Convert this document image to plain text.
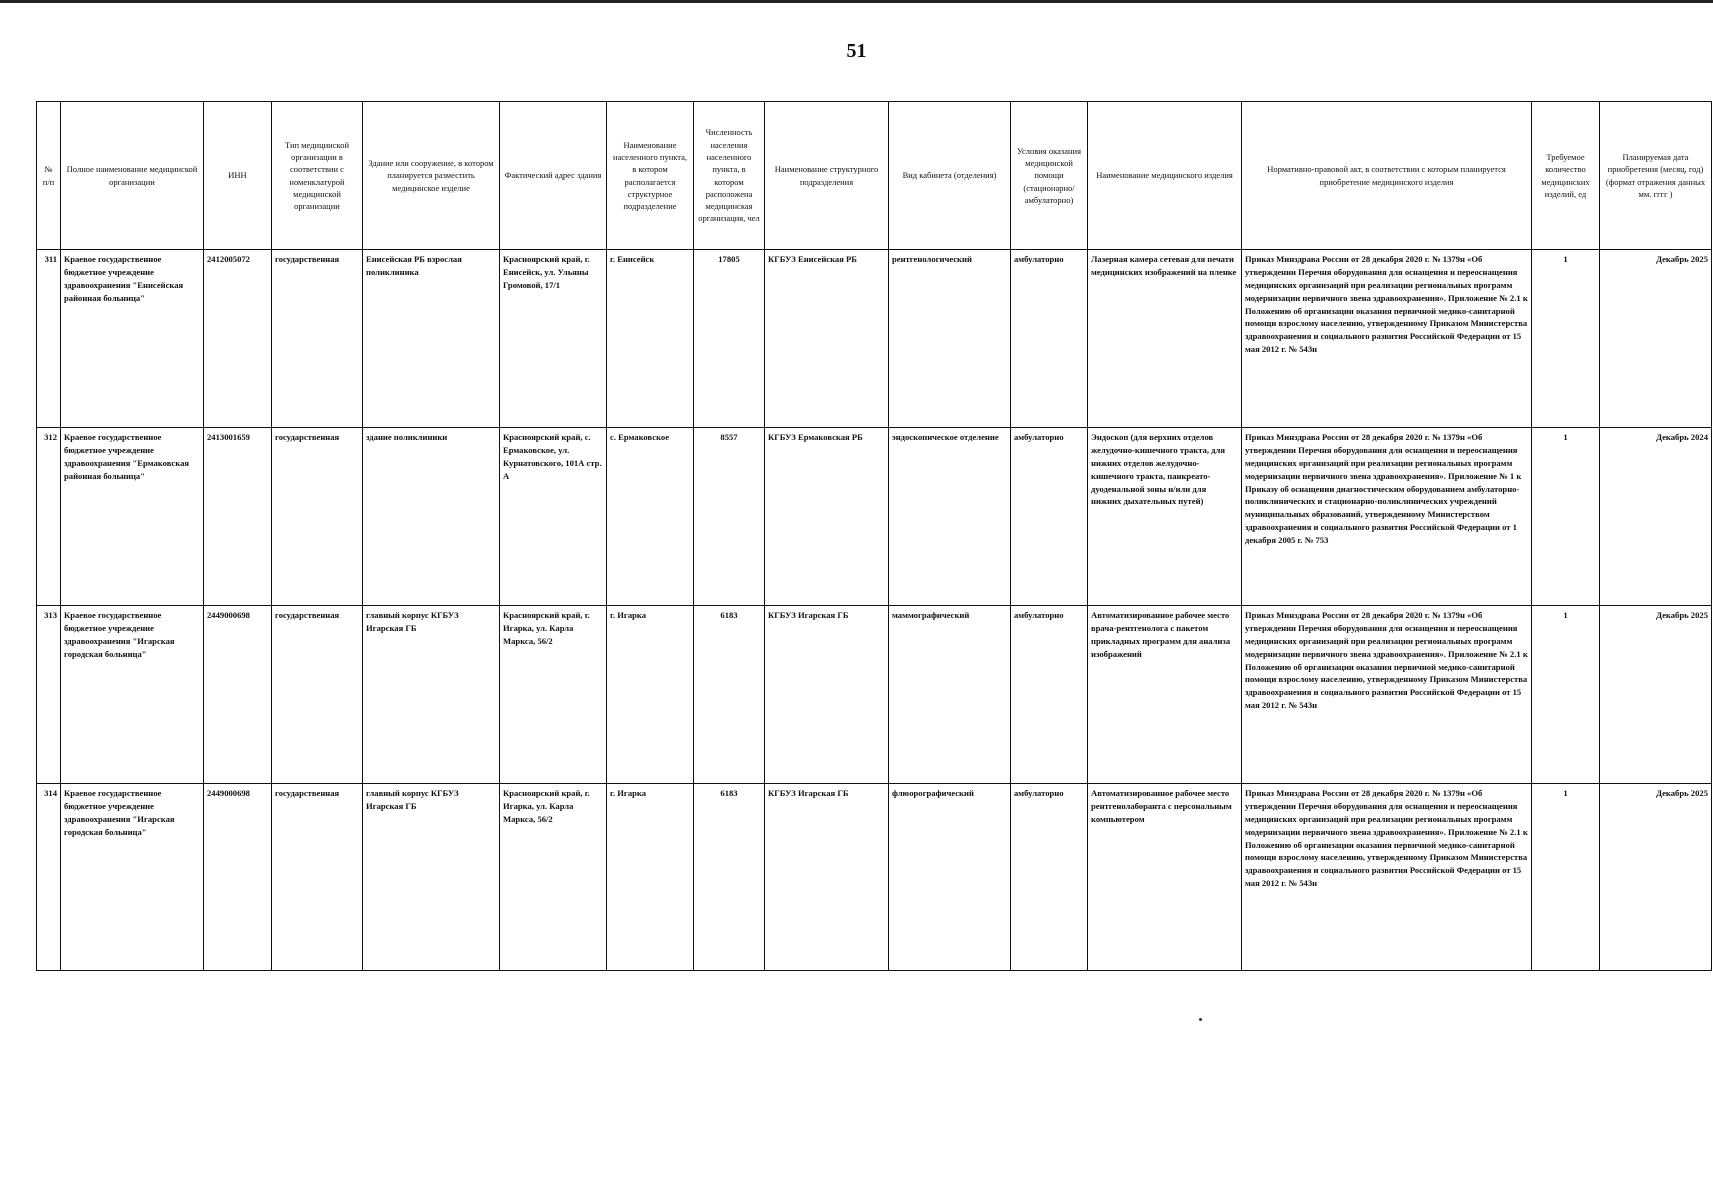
51
№ п/п	Полное наименование медицинской организации	ИНН	Тип медицинской организации в соответствии с номенклатурой медицинской организации	Здание или сооружение, в котором планируется разместить медицинское изделие	Фактический адрес здания	Наименование населенного пункта, в котором располагается структурное подразделение	Численность населения населенного пункта, в котором расположена медицинская организация, чел	Наименование структурного подразделения	Вид кабинета (отделения)	Условия оказания медицинской помощи (стационарно/ амбулаторно)	Наименование медицинского изделия	Нормативно-правовой акт, в соответствии с которым планируется приобретение медицинского изделия	Требуемое количество медицинских изделий, ед	Планируемая дата приобретения (месяц, год) (формат отражения данных мм. гггг )
311	Краевое государственное бюджетное учреждение здравоохранения "Енисейская районная больница"	2412005072	государственная	Енисейская РБ взрослая поликлиника	Красноярский край, г. Енисейск, ул. Ульяны Громовой, 17/1	г. Енисейск	17805	КГБУЗ Енисейская РБ	рентгенологический	амбулаторно	Лазерная камера сетевая для печати медицинских изображений на пленке	Приказ Минздрава России от 28 декабря 2020 г. № 1379н «Об утверждении Перечня оборудования для оснащения и переоснащения медицинских организаций при реализации региональных программ модернизации первичного звена здравоохранения». Приложение № 2.1 к Положению об организации оказания первичной медико-санитарной помощи взрослому населению, утвержденному Приказом Министерства здравоохранения и социального развития Российской Федерации от 15 мая 2012 г. № 543н	1	Декабрь 2025
312	Краевое государственное бюджетное учреждение здравоохранения "Ермаковская районная больница"	2413001659	государственная	здание поликлиники	Красноярский край, с. Ермаковское, ул. Курнатовского, 101А стр. А	с. Ермаковское	8557	КГБУЗ Ермаковская РБ	эндоскопическое отделение	амбулаторно	Эндоскоп (для верхних отделов желудочно-кишечного тракта, для нижних отделов желудочно-кишечного тракта, панкреато-дуоденальной зоны и/или для нижних дыхательных путей)	Приказ Минздрава России от 28 декабря 2020 г. № 1379н «Об утверждении Перечня оборудования для оснащения и переоснащения медицинских организаций при реализации региональных программ модернизации первичного звена здравоохранения». Приложение № 1 к Приказу об оснащении диагностическим оборудованием амбулаторно-поликлинических и стационарно-поликлинических учреждений муниципальных образований, утвержденному Министерством здравоохранения и социального развития Российской Федерации от 1 декабря 2005 г. № 753	1	Декабрь 2024
313	Краевое государственное бюджетное учреждение здравоохранения "Игарская городская больница"	2449000698	государственная	главный корпус КГБУЗ Игарская ГБ	Красноярский край, г. Игарка, ул. Карла Маркса, 56/2	г. Игарка	6183	КГБУЗ Игарская ГБ	маммографический	амбулаторно	Автоматизированное рабочее место врача-рентгенолога с пакетом прикладных программ для анализа изображений	Приказ Минздрава России от 28 декабря 2020 г. № 1379н «Об утверждении Перечня оборудования для оснащения и переоснащения медицинских организаций при реализации региональных программ модернизации первичного звена здравоохранения». Приложение № 2.1 к Положению об организации оказания первичной медико-санитарной помощи взрослому населению, утвержденному Приказом Министерства здравоохранения и социального развития Российской Федерации от 15 мая 2012 г. № 543н	1	Декабрь 2025
314	Краевое государственное бюджетное учреждение здравоохранения "Игарская городская больница"	2449000698	государственная	главный корпус КГБУЗ Игарская ГБ	Красноярский край, г. Игарка, ул. Карла Маркса, 56/2	г. Игарка	6183	КГБУЗ Игарская ГБ	флюорографический	амбулаторно	Автоматизированное рабочее место рентгенолаборанта с персональным компьютером	Приказ Минздрава России от 28 декабря 2020 г. № 1379н «Об утверждении Перечня оборудования для оснащения и переоснащения медицинских организаций при реализации региональных программ модернизации первичного звена здравоохранения». Приложение № 2.1 к Положению об организации оказания первичной медико-санитарной помощи взрослому населению, утвержденному Приказом Министерства здравоохранения и социального развития Российской Федерации от 15 мая 2012 г. № 543н	1	Декабрь 2025
